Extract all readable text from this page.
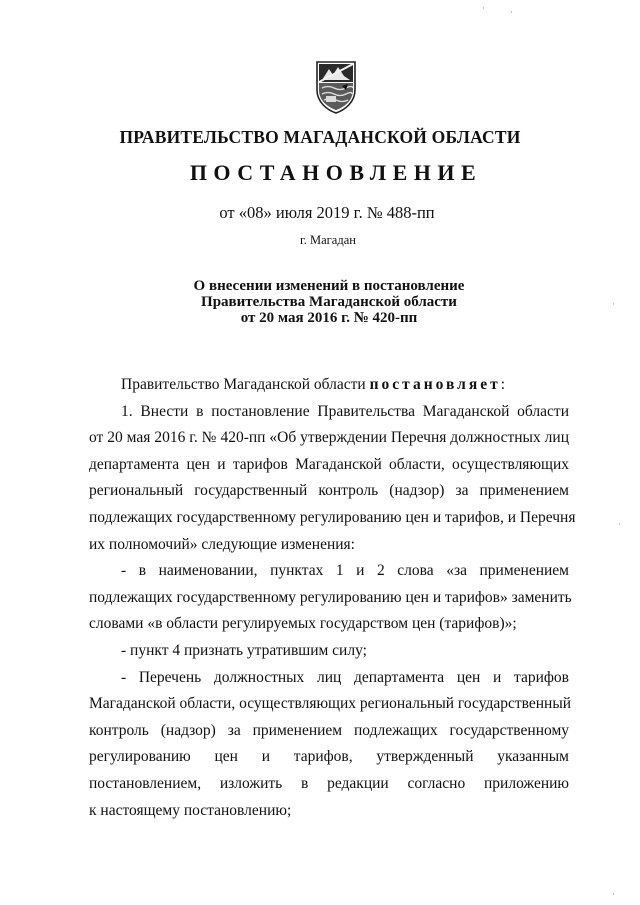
ПРАВИТЕЛЬСТВО МАГАДАНСКОЙ ОБЛАСТИ
ПОСТАНОВЛЕНИЕ
от «08» июля 2019 г. № 488-пп
г. Магадан
О внесении изменений в постановление
Правительства Магаданской области
от 20 мая 2016 г. № 420-пп
Правительство Магаданской области постановляет:
1. Внести в постановление Правительства Магаданской области
от 20 мая 2016 г. № 420-пп «Об утверждении Перечня должностных лиц
департамента цен и тарифов Магаданской области, осуществляющих
региональный государственный контроль (надзор) за применением
подлежащих государственному регулированию цен и тарифов, и Перечня
их полномочий» следующие изменения:
- в наименовании, пунктах 1 и 2 слова «за применением
подлежащих государственному регулированию цен и тарифов» заменить
словами «в области регулируемых государством цен (тарифов)»;
- пункт 4 признать утратившим силу;
- Перечень должностных лиц департамента цен и тарифов
Магаданской области, осуществляющих региональный государственный
контроль (надзор) за применением подлежащих государственному
регулированию цен и тарифов, утвержденный указанным
постановлением, изложить в редакции согласно приложению
к настоящему постановлению;
·	·
·
·
·
